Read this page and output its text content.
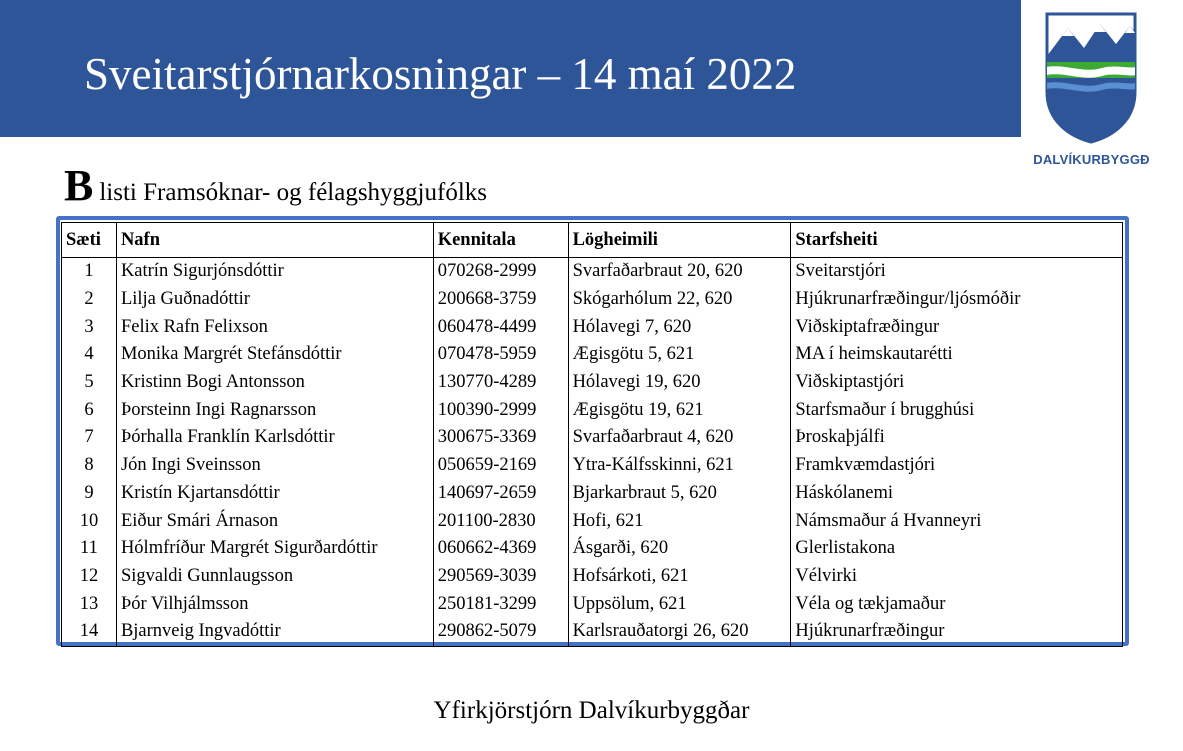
Sveitarstjórnarkosningar – 14 maí 2022
DALVÍKURBYGGÐ
Blisti Framsóknar- og félagshyggjufólks
Sæti	Nafn	Kennitala	Lögheimili	Starfsheiti
1	Katrín Sigurjónsdóttir	070268-2999	Svarfaðarbraut 20, 620	Sveitarstjóri
2	Lilja Guðnadóttir	200668-3759	Skógarhólum 22, 620	Hjúkrunarfræðingur/ljósmóðir
3	Felix Rafn Felixson	060478-4499	Hólavegi 7, 620	Viðskiptafræðingur
4	Monika Margrét Stefánsdóttir	070478-5959	Ægisgötu 5, 621	MA í heimskautarétti
5	Kristinn Bogi Antonsson	130770-4289	Hólavegi 19, 620	Viðskiptastjóri
6	Þorsteinn Ingi Ragnarsson	100390-2999	Ægisgötu 19, 621	Starfsmaður í brugghúsi
7	Þórhalla Franklín Karlsdóttir	300675-3369	Svarfaðarbraut 4, 620	Þroskaþjálfi
8	Jón Ingi Sveinsson	050659-2169	Ytra-Kálfsskinni, 621	Framkvæmdastjóri
9	Kristín Kjartansdóttir	140697-2659	Bjarkarbraut 5, 620	Háskólanemi
10	Eiður Smári Árnason	201100-2830	Hofi, 621	Námsmaður á Hvanneyri
11	Hólmfríður Margrét Sigurðardóttir	060662-4369	Ásgarði, 620	Glerlistakona
12	Sigvaldi Gunnlaugsson	290569-3039	Hofsárkoti, 621	Vélvirki
13	Þór Vilhjálmsson	250181-3299	Uppsölum, 621	Véla og tækjamaður
14	Bjarnveig Ingvadóttir	290862-5079	Karlsrauðatorgi 26, 620	Hjúkrunarfræðingur
Yfirkjörstjórn Dalvíkurbyggðar
